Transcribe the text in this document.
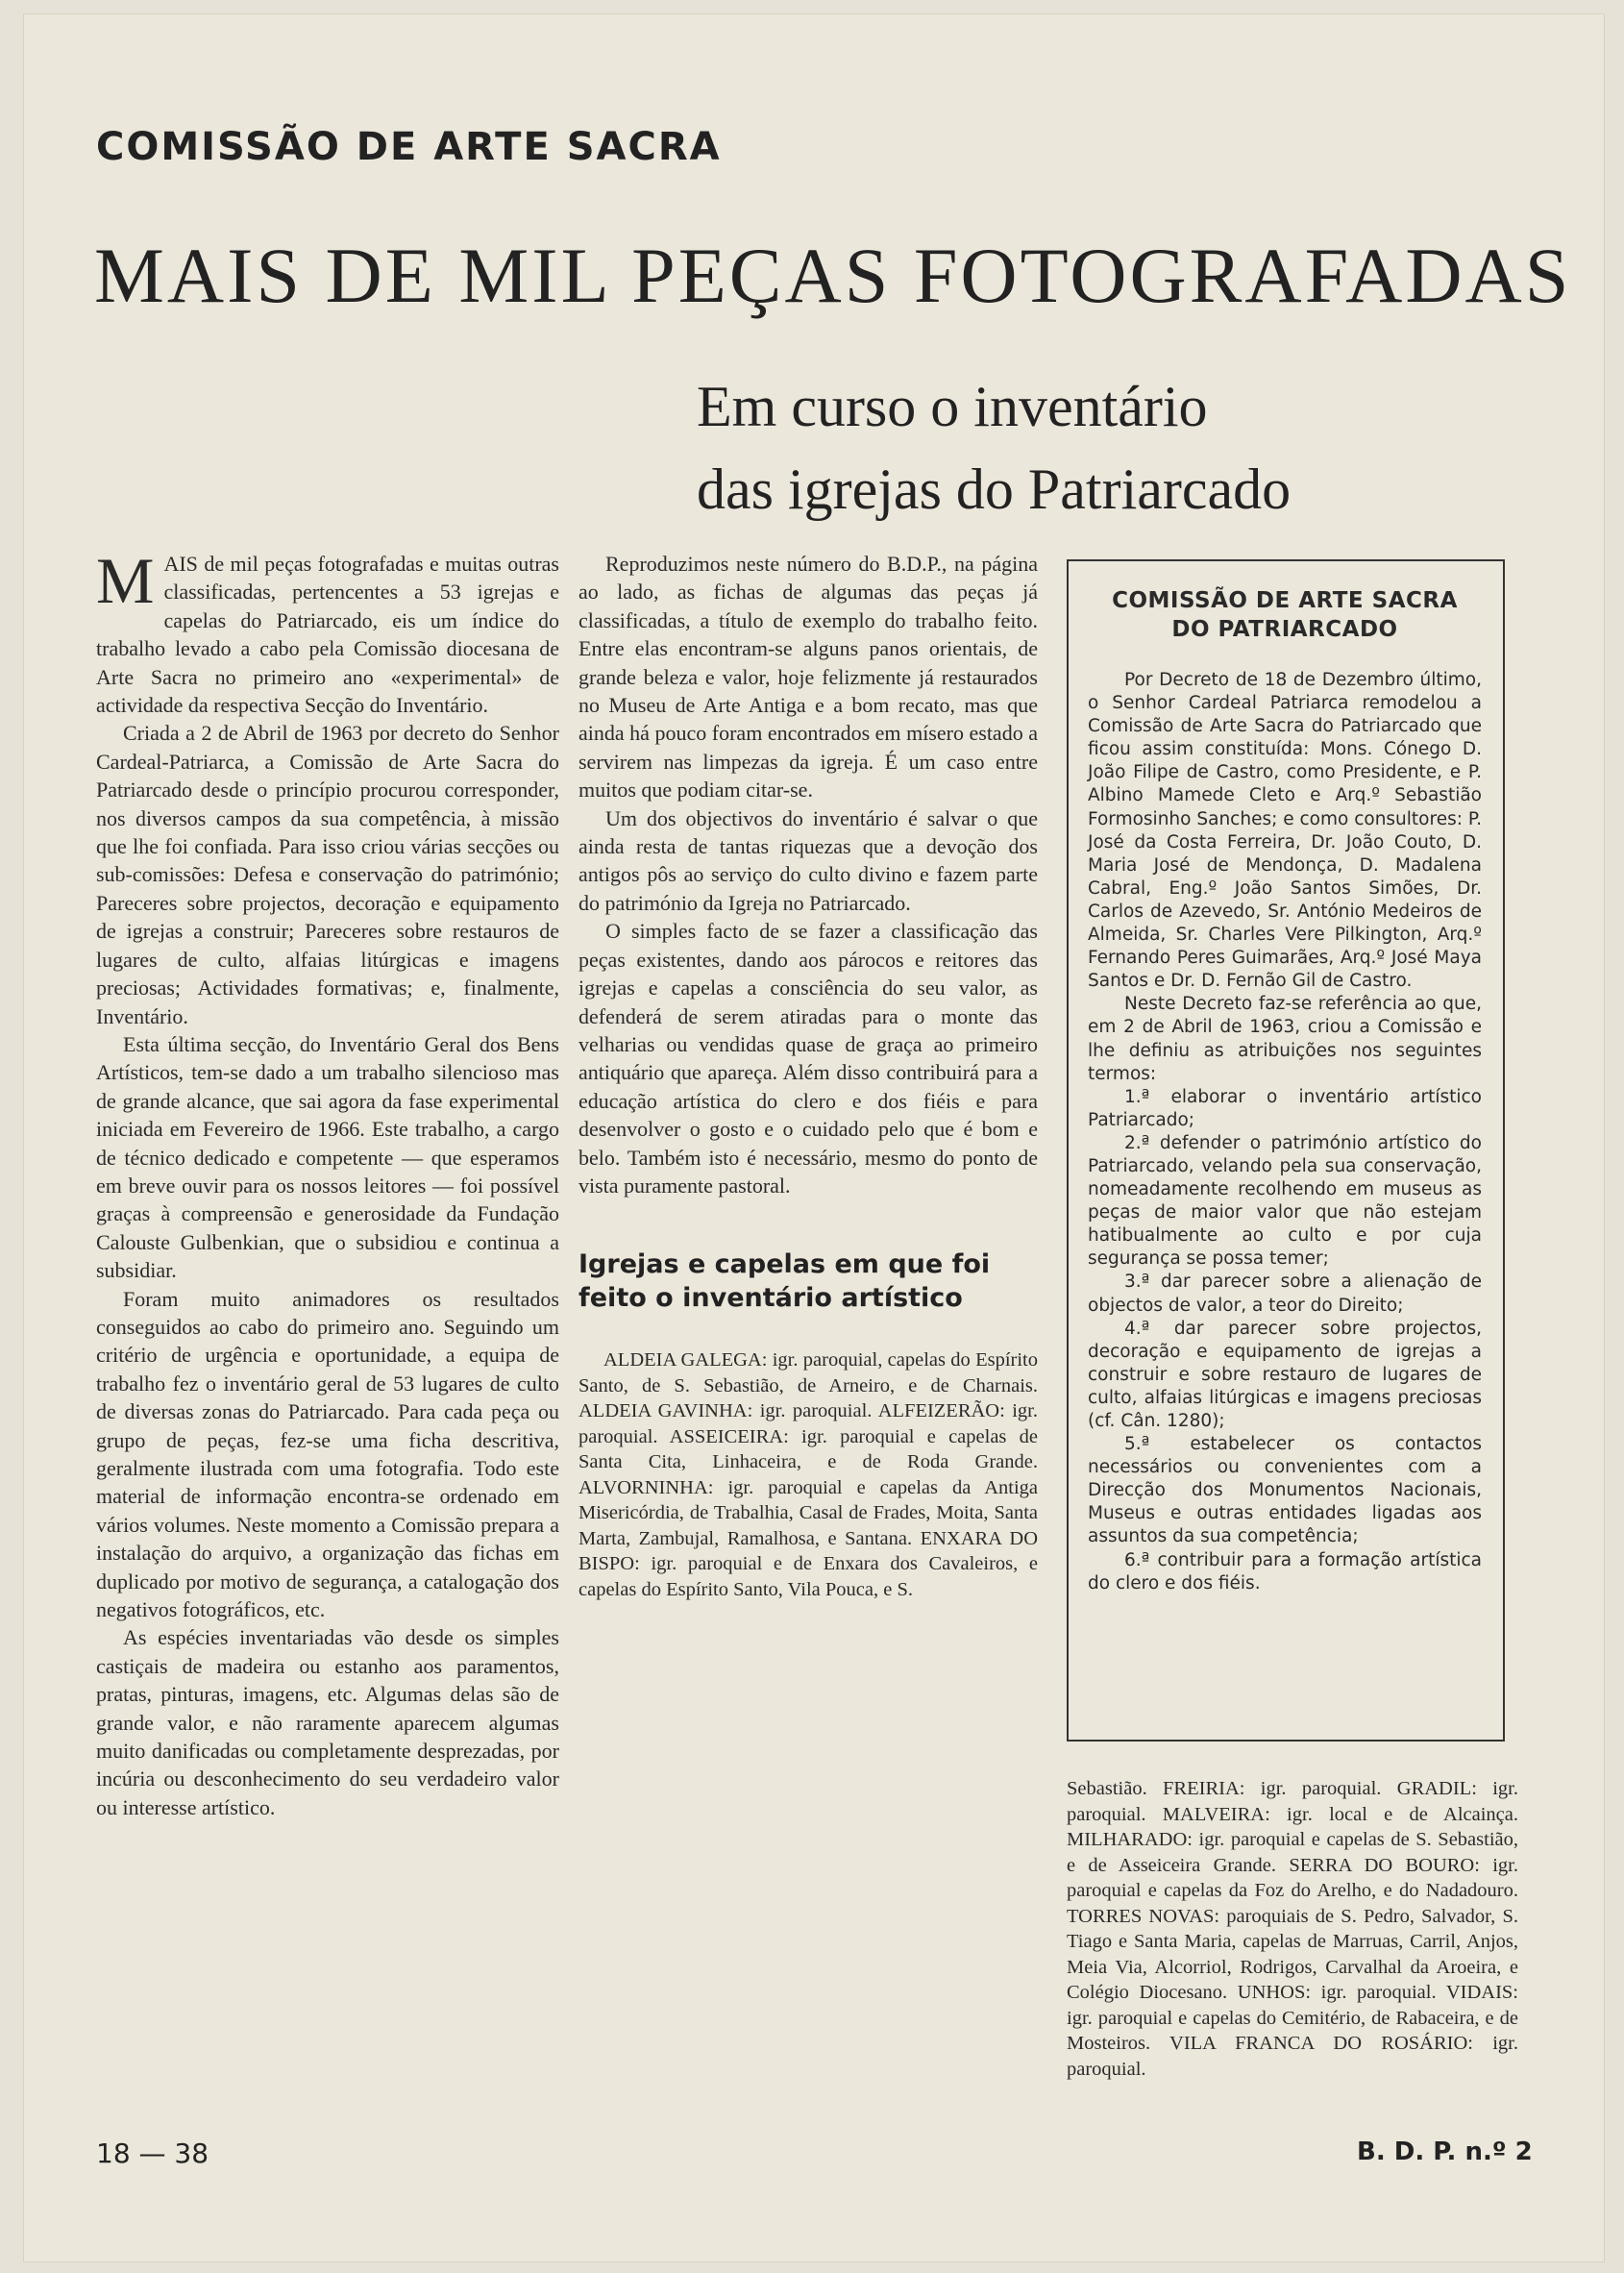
COMISSÃO DE ARTE SACRA
MAIS DE MIL PEÇAS FOTOGRAFADAS
Em curso o inventário
das igrejas do Patriarcado

MAIS de mil peças fotografadas e muitas outras classificadas, pertencentes a 53 igrejas e capelas do Patriarcado, eis um índice do trabalho levado a cabo pela Comissão diocesana de Arte Sacra no primeiro ano «experimental» de actividade da respectiva Secção do Inventário.

Criada a 2 de Abril de 1963 por decreto do Senhor Cardeal-Patriarca, a Comissão de Arte Sacra do Patriarcado desde o princípio procurou corresponder, nos diversos campos da sua competência, à missão que lhe foi confiada. Para isso criou várias secções ou sub-comissões: Defesa e conservação do património; Pareceres sobre projectos, decoração e equipamento de igrejas a construir; Pareceres sobre restauros de lugares de culto, alfaias litúrgicas e imagens preciosas; Actividades formativas; e, finalmente, Inventário.

Esta última secção, do Inventário Geral dos Bens Artísticos, tem-se dado a um trabalho silencioso mas de grande alcance, que sai agora da fase experimental iniciada em Fevereiro de 1966. Este trabalho, a cargo de técnico dedicado e competente — que esperamos em breve ouvir para os nossos leitores — foi possível graças à compreensão e generosidade da Fundação Calouste Gulbenkian, que o subsidiou e continua a subsidiar.

Foram muito animadores os resultados conseguidos ao cabo do primeiro ano. Seguindo um critério de urgência e oportunidade, a equipa de trabalho fez o inventário geral de 53 lugares de culto de diversas zonas do Patriarcado. Para cada peça ou grupo de peças, fez-se uma ficha descritiva, geralmente ilustrada com uma fotografia. Todo este material de informação encontra-se ordenado em vários volumes. Neste momento a Comissão prepara a instalação do arquivo, a organização das fichas em duplicado por motivo de segurança, a catalogação dos negativos fotográficos, etc.

As espécies inventariadas vão desde os simples castiçais de madeira ou estanho aos paramentos, pratas, pinturas, imagens, etc. Algumas delas são de grande valor, e não raramente aparecem algumas muito danificadas ou completamente desprezadas, por incúria ou desconhecimento do seu verdadeiro valor ou interesse artístico.

Reproduzimos neste número do B.D.P., na página ao lado, as fichas de algumas das peças já classificadas, a título de exemplo do trabalho feito. Entre elas encontram-se alguns panos orientais, de grande beleza e valor, hoje felizmente já restaurados no Museu de Arte Antiga e a bom recato, mas que ainda há pouco foram encontrados em mísero estado a servirem nas limpezas da igreja. É um caso entre muitos que podiam citar-se.

Um dos objectivos do inventário é salvar o que ainda resta de tantas riquezas que a devoção dos antigos pôs ao serviço do culto divino e fazem parte do património da Igreja no Patriarcado.

O simples facto de se fazer a classificação das peças existentes, dando aos párocos e reitores das igrejas e capelas a consciência do seu valor, as defenderá de serem atiradas para o monte das velharias ou vendidas quase de graça ao primeiro antiquário que apareça. Além disso contribuirá para a educação artística do clero e dos fiéis e para desenvolver o gosto e o cuidado pelo que é bom e belo. Também isto é necessário, mesmo do ponto de vista puramente pastoral.

Igrejas e capelas em que foi feito o inventário artístico

ALDEIA GALEGA: igr. paroquial, capelas do Espírito Santo, de S. Sebastião, de Arneiro, e de Charnais. ALDEIA GAVINHA: igr. paroquial. ALFEIZERÃO: igr. paroquial. ASSEICEIRA: igr. paroquial e capelas de Santa Cita, Linhaceira, e de Roda Grande. ALVORNINHA: igr. paroquial e capelas da Antiga Misericórdia, de Trabalhia, Casal de Frades, Moita, Santa Marta, Zambujal, Ramalhosa, e Santana. ENXARA DO BISPO: igr. paroquial e de Enxara dos Cavaleiros, e capelas do Espírito Santo, Vila Pouca, e S.

COMISSÃO DE ARTE SACRA
DO PATRIARCADO

Por Decreto de 18 de Dezembro último, o Senhor Cardeal Patriarca remodelou a Comissão de Arte Sacra do Patriarcado que ficou assim constituída: Mons. Cónego D. João Filipe de Castro, como Presidente, e P. Albino Mamede Cleto e Arq.º Sebastião Formosinho Sanches; e como consultores: P. José da Costa Ferreira, Dr. João Couto, D. Maria José de Mendonça, D. Madalena Cabral, Eng.º João Santos Simões, Dr. Carlos de Azevedo, Sr. António Medeiros de Almeida, Sr. Charles Vere Pilkington, Arq.º Fernando Peres Guimarães, Arq.º José Maya Santos e Dr. D. Fernão Gil de Castro.

Neste Decreto faz-se referência ao que, em 2 de Abril de 1963, criou a Comissão e lhe definiu as atribuições nos seguintes termos:

1.ª elaborar o inventário artístico Patriarcado;

2.ª defender o património artístico do Patriarcado, velando pela sua conservação, nomeadamente recolhendo em museus as peças de maior valor que não estejam hatibualmente ao culto e por cuja segurança se possa temer;

3.ª dar parecer sobre a alienação de objectos de valor, a teor do Direito;

4.ª dar parecer sobre projectos, decoração e equipamento de igrejas a construir e sobre restauro de lugares de culto, alfaias litúrgicas e imagens preciosas (cf. Cân. 1280);

5.ª estabelecer os contactos necessários ou convenientes com a Direcção dos Monumentos Nacionais, Museus e outras entidades ligadas aos assuntos da sua competência;

6.ª contribuir para a formação artística do clero e dos fiéis.

Sebastião. FREIRIA: igr. paroquial. GRADIL: igr. paroquial. MALVEIRA: igr. local e de Alcainça. MILHARADO: igr. paroquial e capelas de S. Sebastião, e de Asseiceira Grande. SERRA DO BOURO: igr. paroquial e capelas da Foz do Arelho, e do Nadadouro. TORRES NOVAS: paroquiais de S. Pedro, Salvador, S. Tiago e Santa Maria, capelas de Marruas, Carril, Anjos, Meia Via, Alcorriol, Rodrigos, Carvalhal da Aroeira, e Colégio Diocesano. UNHOS: igr. paroquial. VIDAIS: igr. paroquial e capelas do Cemitério, de Rabaceira, e de Mosteiros. VILA FRANCA DO ROSÁRIO: igr. paroquial.

18 — 38	B. D. P. n.º 2
